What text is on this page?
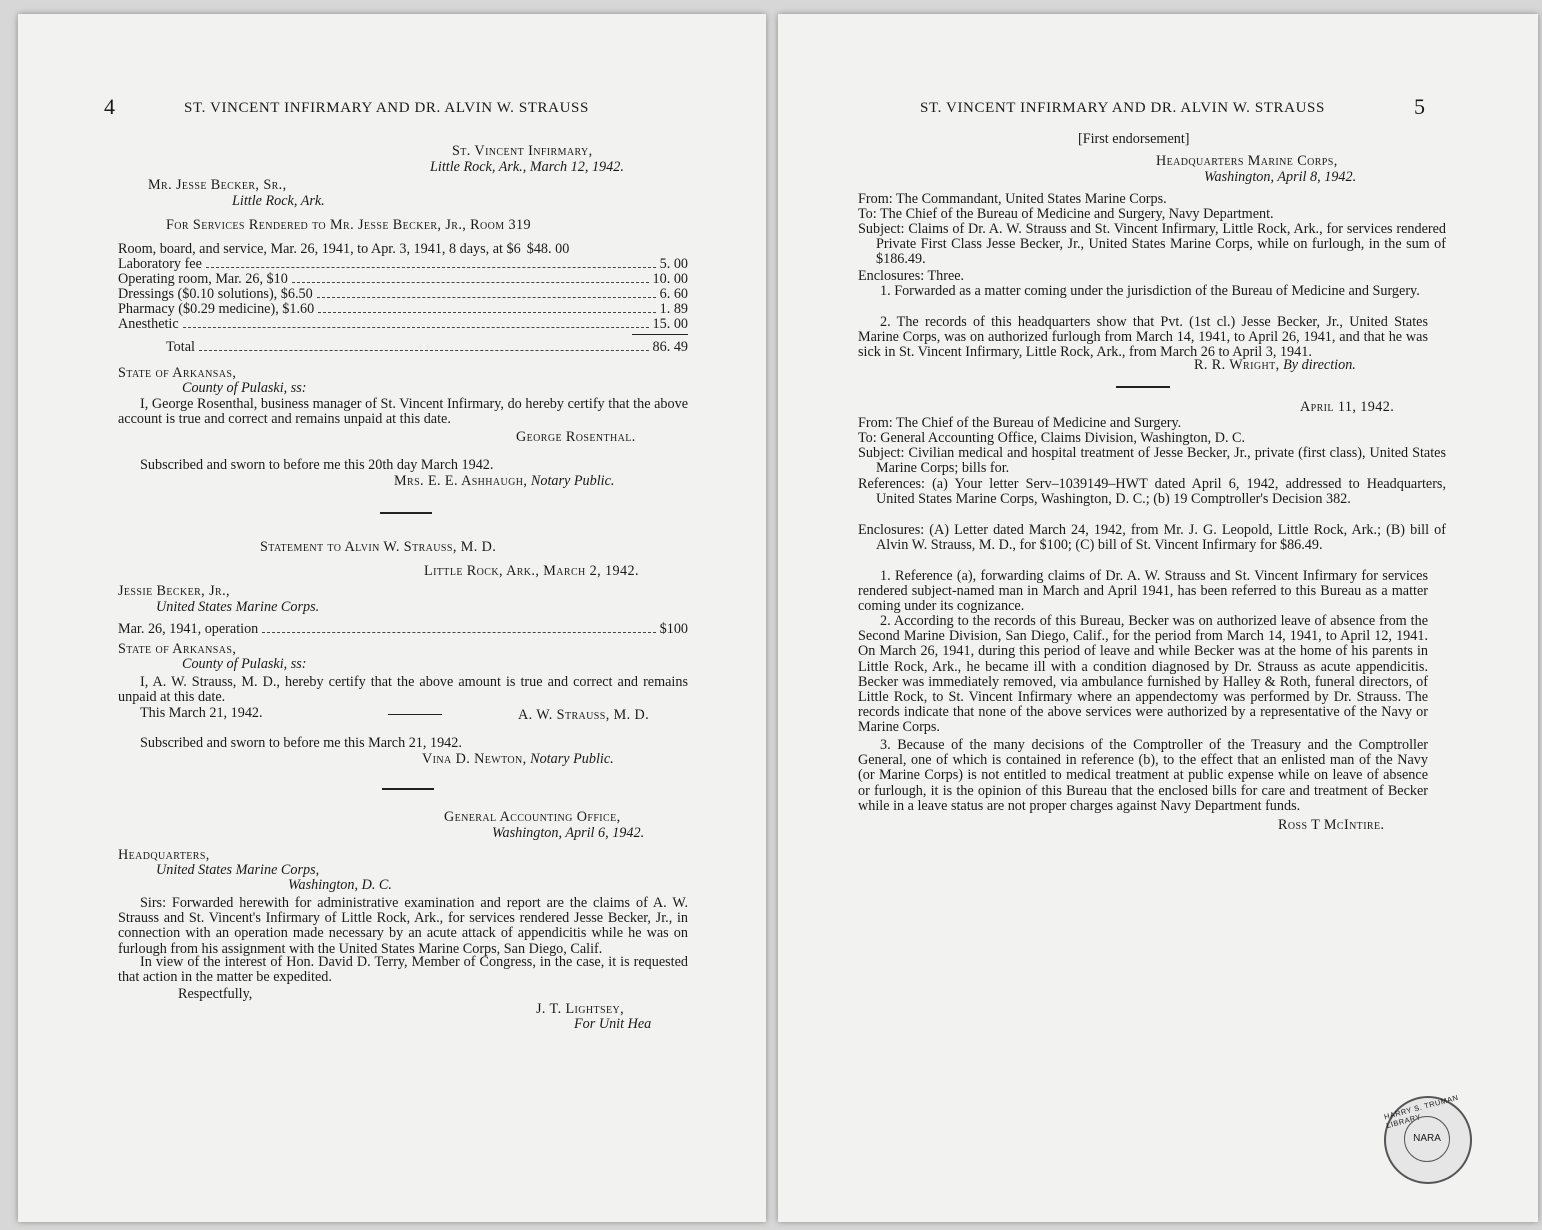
4	ST. VINCENT INFIRMARY AND DR. ALVIN W. STRAUSS
St. Vincent Infirmary,
Little Rock, Ark., March 12, 1942.
Mr. Jesse Becker, Sr.,
Little Rock, Ark.
For Services Rendered to Mr. Jesse Becker, Jr., Room 319
Room, board, and service, Mar. 26, 1941, to Apr. 3, 1941, 8 days, at $6 $48. 00
Laboratory fee	5. 00
Operating room, Mar. 26, $10	10. 00
Dressings ($0.10 solutions), $6.50	6. 60
Pharmacy ($0.29 medicine), $1.60	1. 89
Anesthetic	15. 00
Total	86. 49
State of Arkansas,
County of Pulaski, ss:
I, George Rosenthal, business manager of St. Vincent Infirmary, do hereby certify that the above account is true and correct and remains unpaid at this date.
George Rosenthal.
Subscribed and sworn to before me this 20th day March 1942.
Mrs. E. E. Ashhaugh, Notary Public.
Statement to Alvin W. Strauss, M. D.
Little Rock, Ark., March 2, 1942.
Jessie Becker, Jr.,
United States Marine Corps.
Mar. 26, 1941, operation	$100
State of Arkansas,
County of Pulaski, ss:
I, A. W. Strauss, M. D., hereby certify that the above amount is true and correct and remains unpaid at this date.
This March 21, 1942.	A. W. Strauss, M. D.
Subscribed and sworn to before me this March 21, 1942.
Vina D. Newton, Notary Public.
General Accounting Office,
Washington, April 6, 1942.
Headquarters,
United States Marine Corps,
Washington, D. C.
Sirs: Forwarded herewith for administrative examination and report are the claims of A. W. Strauss and St. Vincent's Infirmary of Little Rock, Ark., for services rendered Jesse Becker, Jr., in connection with an operation made necessary by an acute attack of appendicitis while he was on furlough from his assignment with the United States Marine Corps, San Diego, Calif.
In view of the interest of Hon. David D. Terry, Member of Congress, in the case, it is requested that action in the matter be expedited.
Respectfully,
J. T. Lightsey,
For Unit Hea
ST. VINCENT INFIRMARY AND DR. ALVIN W. STRAUSS	5
[First endorsement]
Headquarters Marine Corps,
Washington, April 8, 1942.
From: The Commandant, United States Marine Corps.
To: The Chief of the Bureau of Medicine and Surgery, Navy Department.
Subject: Claims of Dr. A. W. Strauss and St. Vincent Infirmary, Little Rock, Ark., for services rendered Private First Class Jesse Becker, Jr., United States Marine Corps, while on furlough, in the sum of $186.49.
Enclosures: Three.
1. Forwarded as a matter coming under the jurisdiction of the Bureau of Medicine and Surgery.
2. The records of this headquarters show that Pvt. (1st cl.) Jesse Becker, Jr., United States Marine Corps, was on authorized furlough from March 14, 1941, to April 26, 1941, and that he was sick in St. Vincent Infirmary, Little Rock, Ark., from March 26 to April 3, 1941.
R. R. Wright, By direction.
April 11, 1942.
From: The Chief of the Bureau of Medicine and Surgery.
To: General Accounting Office, Claims Division, Washington, D. C.
Subject: Civilian medical and hospital treatment of Jesse Becker, Jr., private (first class), United States Marine Corps; bills for.
References: (a) Your letter Serv–1039149–HWT dated April 6, 1942, addressed to Headquarters, United States Marine Corps, Washington, D. C.; (b) 19 Comptroller's Decision 382.
Enclosures: (A) Letter dated March 24, 1942, from Mr. J. G. Leopold, Little Rock, Ark.; (B) bill of Alvin W. Strauss, M. D., for $100; (C) bill of St. Vincent Infirmary for $86.49.
1. Reference (a), forwarding claims of Dr. A. W. Strauss and St. Vincent Infirmary for services rendered subject-named man in March and April 1941, has been referred to this Bureau as a matter coming under its cognizance.
2. According to the records of this Bureau, Becker was on authorized leave of absence from the Second Marine Division, San Diego, Calif., for the period from March 14, 1941, to April 12, 1941. On March 26, 1941, during this period of leave and while Becker was at the home of his parents in Little Rock, Ark., he became ill with a condition diagnosed by Dr. Strauss as acute appendicitis. Becker was immediately removed, via ambulance furnished by Halley & Roth, funeral directors, of Little Rock, to St. Vincent Infirmary where an appendectomy was performed by Dr. Strauss. The records indicate that none of the above services were authorized by a representative of the Navy or Marine Corps.
3. Because of the many decisions of the Comptroller of the Treasury and the Comptroller General, one of which is contained in reference (b), to the effect that an enlisted man of the Navy (or Marine Corps) is not entitled to medical treatment at public expense while on leave of absence or furlough, it is the opinion of this Bureau that the enclosed bills for care and treatment of Becker while in a leave status are not proper charges against Navy Department funds.
Ross T McIntire.
HARRY S. TRUMAN LIBRARY
NARA
